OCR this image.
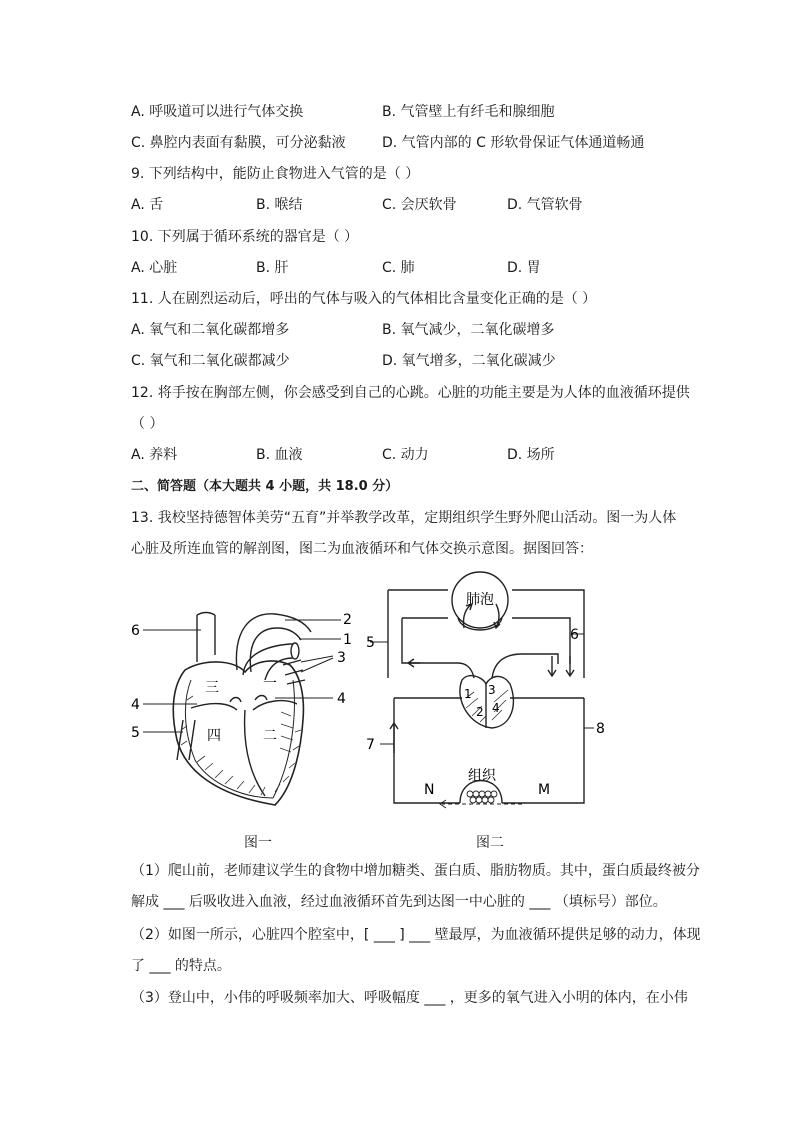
A. 呼吸道可以进行气体交换	B. 气管壁上有纤毛和腺细胞
C. 鼻腔内表面有黏膜，可分泌黏液	D. 气管内部的 C 形软骨保证气体通道畅通
9. 下列结构中，能防止食物进入气管的是（ ）
A. 舌	B. 喉结	C. 会厌软骨	D. 气管软骨
10. 下列属于循环系统的器官是（ ）
A. 心脏	B. 肝	C. 肺	D. 胃
11. 人在剧烈运动后，呼出的气体与吸入的气体相比含量变化正确的是（ ）
A. 氧气和二氧化碳都增多	B. 氧气减少，二氧化碳增多
C. 氧气和二氧化碳都减少	D. 氧气增多，二氧化碳减少
12. 将手按在胸部左侧，你会感受到自己的心跳。心脏的功能主要是为人体的血液循环提供
（ ）
A. 养料	B. 血液	C. 动力	D. 场所
二、简答题（本大题共 4 小题，共 18.0 分）
13. 我校坚持德智体美劳“五育”并举教学改革，定期组织学生野外爬山活动。图一为人体
心脏及所连血管的解剖图，图二为血液循环和气体交换示意图。据图回答：
三	一
四	二
6
2
1
3
4
4
5
图一
肺泡
组织
5	6
7
8
N	M
1
2
3
4
图二
（1）爬山前，老师建议学生的食物中增加糖类、蛋白质、脂肪物质。其中，蛋白质最终被分
解成 ___ 后吸收进入血液，经过血液循环首先到达图一中心脏的 ___ （填标号）部位。
（2）如图一所示，心脏四个腔室中，[ ___ ] ___ 壁最厚，为血液循环提供足够的动力，体现
了 ___ 的特点。
（3）登山中，小伟的呼吸频率加大、呼吸幅度 ___ ，更多的氧气进入小明的体内，在小伟
